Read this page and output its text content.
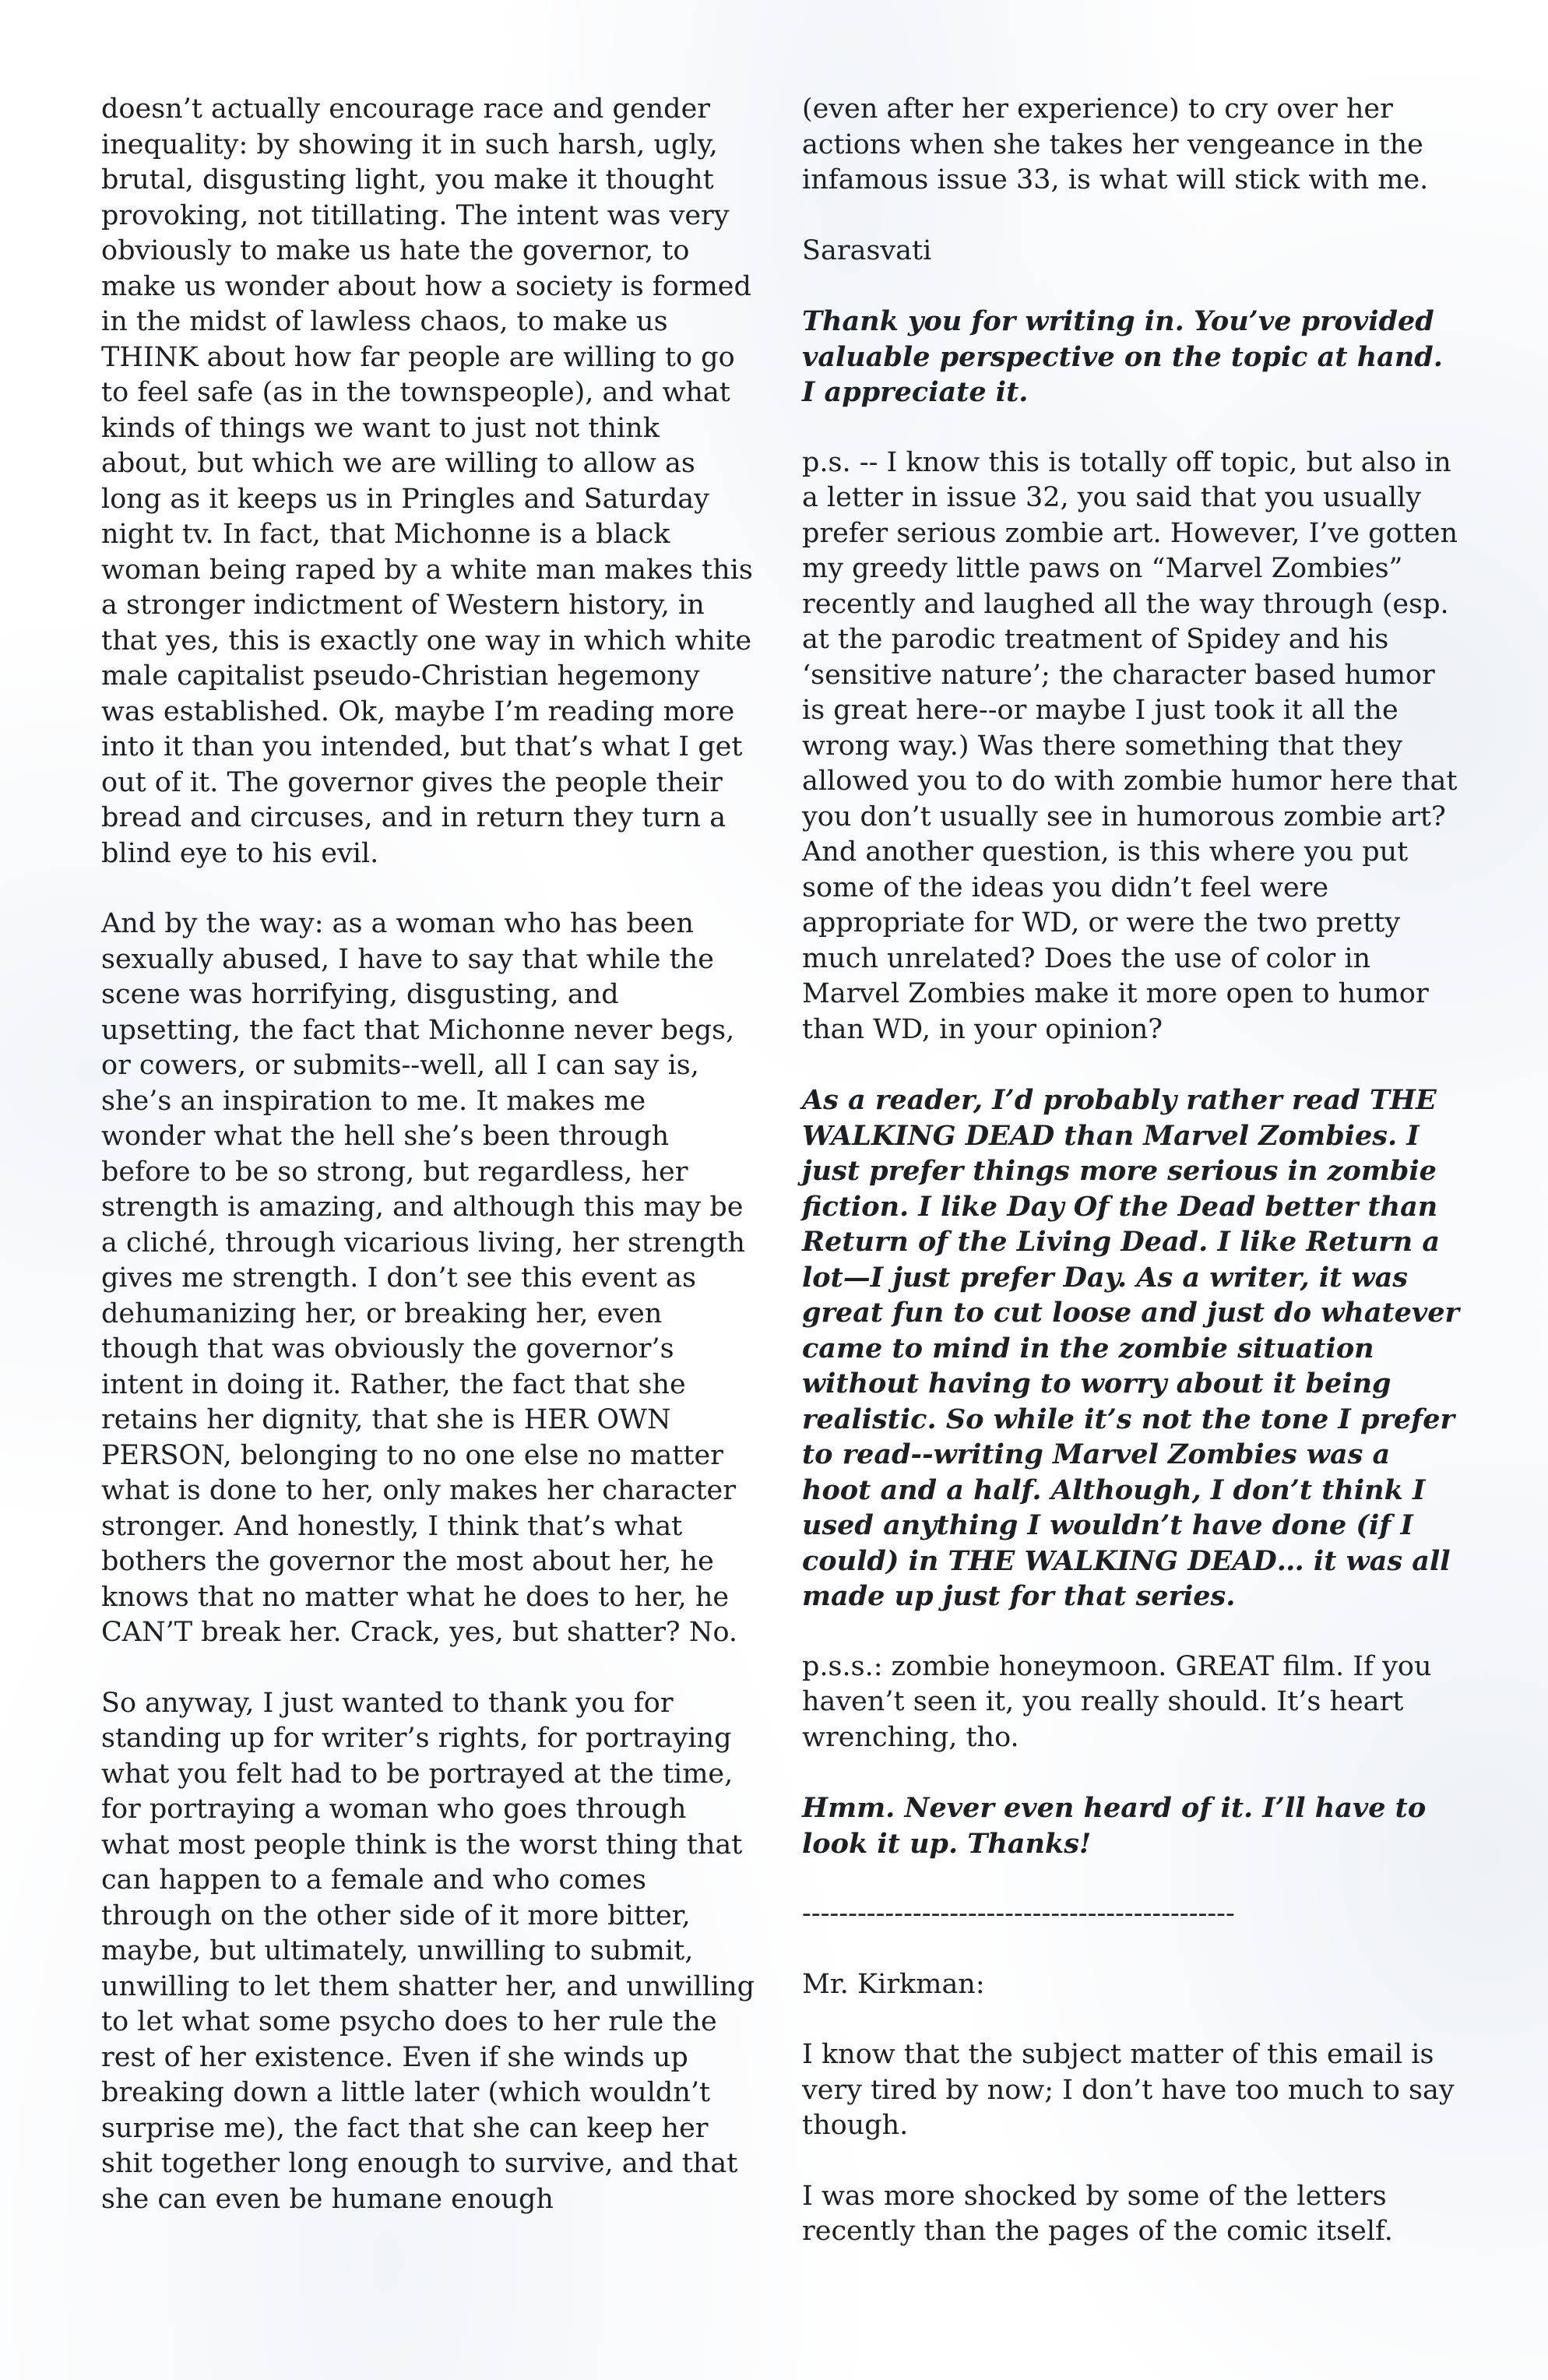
doesn’t actually encourage race and gender inequality: by showing it in such harsh, ugly, brutal, disgusting light, you make it thought provoking, not titillating. The intent was very obviously to make us hate the governor, to make us wonder about how a society is formed in the midst of lawless chaos, to make us THINK about how far people are willing to go to feel safe (as in the townspeople), and what kinds of things we want to just not think about, but which we are willing to allow as long as it keeps us in Pringles and Saturday night tv. In fact, that Michonne is a black woman being raped by a white man makes this a stronger indictment of Western history, in that yes, this is exactly one way in which white male capitalist pseudo-Christian hegemony was established. Ok, maybe I’m reading more into it than you intended, but that’s what I get out of it. The governor gives the people their bread and circuses, and in return they turn a blind eye to his evil.

And by the way: as a woman who has been sexually abused, I have to say that while the scene was horrifying, disgusting, and upsetting, the fact that Michonne never begs, or cowers, or submits--well, all I can say is, she’s an inspiration to me. It makes me wonder what the hell she’s been through before to be so strong, but regardless, her strength is amazing, and although this may be a cliché, through vicarious living, her strength gives me strength. I don’t see this event as dehumanizing her, or breaking her, even though that was obviously the governor’s intent in doing it. Rather, the fact that she retains her dignity, that she is HER OWN PERSON, belonging to no one else no matter what is done to her, only makes her character stronger. And honestly, I think that’s what bothers the governor the most about her, he knows that no matter what he does to her, he CAN’T break her. Crack, yes, but shatter? No.

So anyway, I just wanted to thank you for standing up for writer’s rights, for portraying what you felt had to be portrayed at the time, for portraying a woman who goes through what most people think is the worst thing that can happen to a female and who comes through on the other side of it more bitter, maybe, but ultimately, unwilling to submit, unwilling to let them shatter her, and unwilling to let what some psycho does to her rule the rest of her existence. Even if she winds up breaking down a little later (which wouldn’t surprise me), the fact that she can keep her shit together long enough to survive, and that she can even be humane enough

(even after her experience) to cry over her actions when she takes her vengeance in the infamous issue 33, is what will stick with me.

Sarasvati

Thank you for writing in. You’ve provided valuable perspective on the topic at hand. I appreciate it.

p.s. -- I know this is totally off topic, but also in a letter in issue 32, you said that you usually prefer serious zombie art. However, I’ve gotten my greedy little paws on “Marvel Zombies” recently and laughed all the way through (esp. at the parodic treatment of Spidey and his ‘sensitive nature’; the character based humor is great here--or maybe I just took it all the wrong way.) Was there something that they allowed you to do with zombie humor here that you don’t usually see in humorous zombie art? And another question, is this where you put some of the ideas you didn’t feel were appropriate for WD, or were the two pretty much unrelated? Does the use of color in Marvel Zombies make it more open to humor than WD, in your opinion?

As a reader, I’d probably rather read THE WALKING DEAD than Marvel Zombies. I just prefer things more serious in zombie fiction. I like Day Of the Dead better than Return of the Living Dead. I like Return a lot—I just prefer Day. As a writer, it was great fun to cut loose and just do whatever came to mind in the zombie situation without having to worry about it being realistic. So while it’s not the tone I prefer to read--writing Marvel Zombies was a hoot and a half. Although, I don’t think I used anything I wouldn’t have done (if I could) in THE WALKING DEAD… it was all made up just for that series.

p.s.s.: zombie honeymoon. GREAT film. If you haven’t seen it, you really should. It’s heart wrenching, tho.

Hmm. Never even heard of it. I’ll have to look it up. Thanks!

-----------------------------------------------

Mr. Kirkman:

I know that the subject matter of this email is very tired by now; I don’t have too much to say though.

I was more shocked by some of the letters recently than the pages of the comic itself.
